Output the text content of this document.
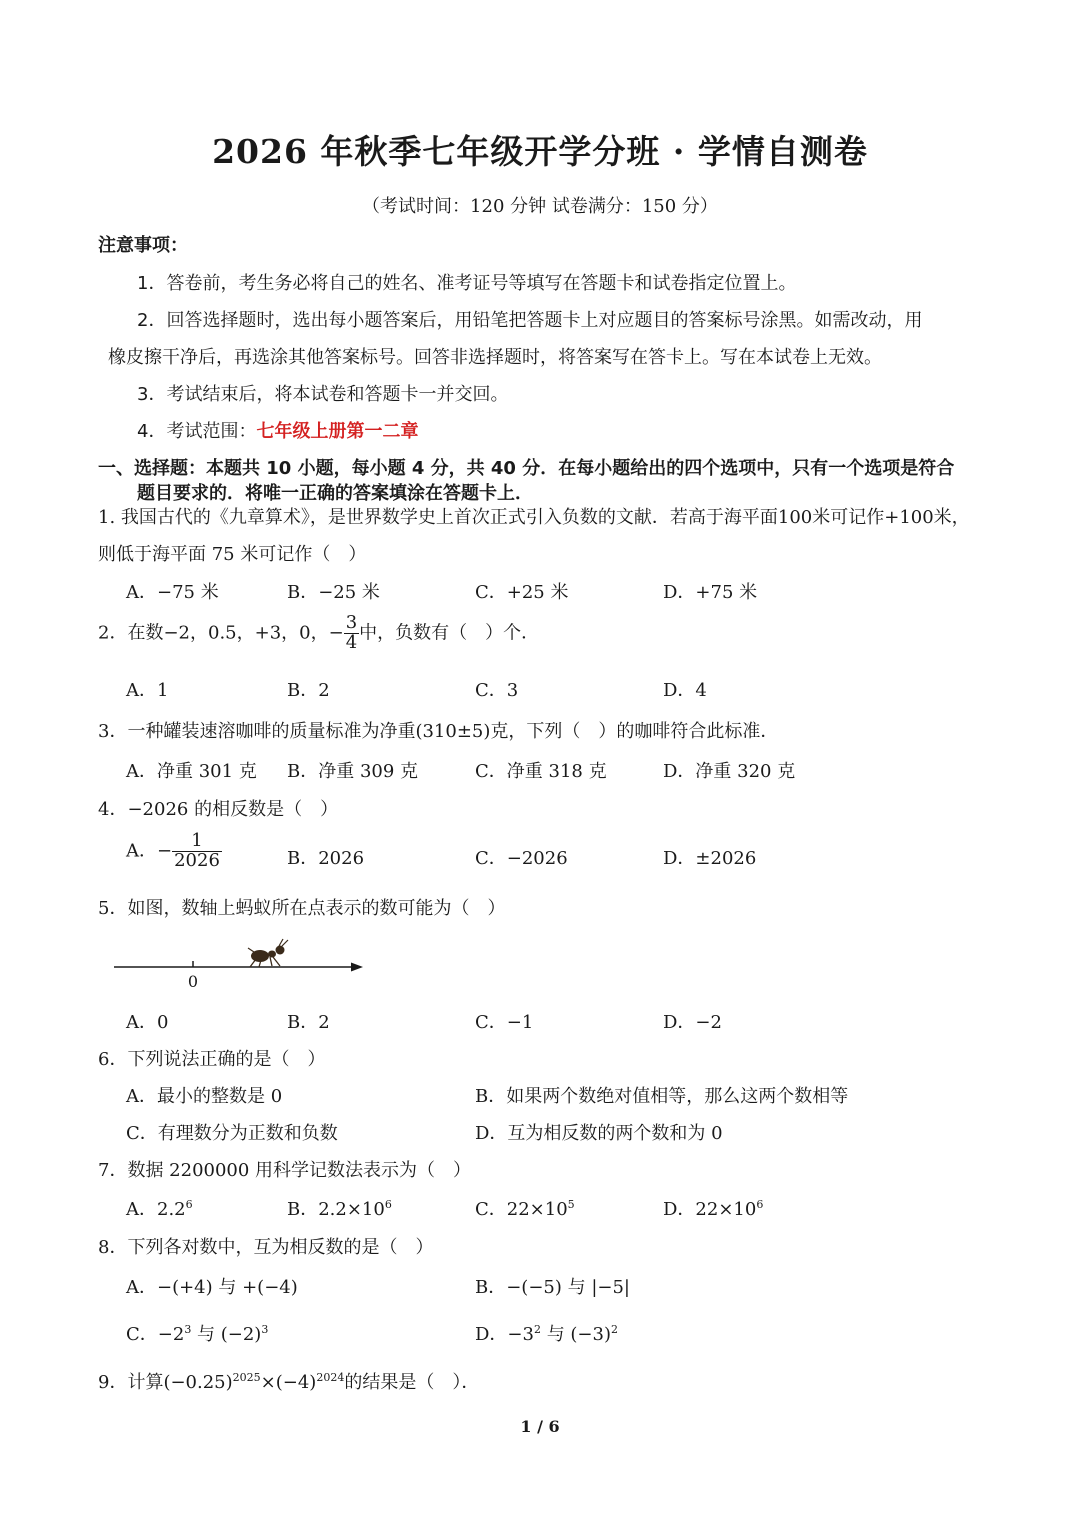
2026 年秋季七年级开学分班 · 学情自测卷
（考试时间：120 分钟 试卷满分：150 分）
注意事项：
1．答卷前，考生务必将自己的姓名、准考证号等填写在答题卡和试卷指定位置上。
2．回答选择题时，选出每小题答案后，用铅笔把答题卡上对应题目的答案标号涂黑。如需改动，用
橡皮擦干净后，再选涂其他答案标号。回答非选择题时，将答案写在答卡上。写在本试卷上无效。
3．考试结束后，将本试卷和答题卡一并交回。
4．考试范围：七年级上册第一二章
一、选择题：本题共 10 小题，每小题 4 分，共 40 分．在每小题给出的四个选项中，只有一个选项是符合
题目要求的．将唯一正确的答案填涂在答题卡上．
1. 我国古代的《九章算术》，是世界数学史上首次正式引入负数的文献．若高于海平面100米可记作+100米，
则低于海平面 75 米可记作（　）
A．−75 米	B．−25 米	C．+25 米	D．+75 米
2．在数−2，0.5，+3，0，− $\frac{3}{4}$ 中，负数有（　）个．
A．1	B．2	C．3	D．4
3．一种罐装速溶咖啡的质量标准为净重(310±5)克，下列（　）的咖啡符合此标准．
A．净重 301 克 B．净重 309 克	C．净重 318 克	D．净重 320 克
4．−2026 的相反数是（　）
A．− $\frac{1}{2026}$	B．2026	C．−2026	D．±2026
5．如图，数轴上蚂蚁所在点表示的数可能为（　）
0
A．0	B．2	C．−1	D．−2
6．下列说法正确的是（　）
A．最小的整数是 0	B．如果两个数绝对值相等，那么这两个数相等
C．有理数分为正数和负数	D．互为相反数的两个数和为 0
7．数据 2200000 用科学记数法表示为（　）
A．$2.2^6$	B．$2.2\times 10^6$	C．$22\times 10^5$	D．$22\times 10^6$
8．下列各对数中，互为相反数的是（　）
A．−(+4) 与 +(−4)	B．−(−5) 与 |−5|
C．$-2^3$ 与 $(-2)^3$	D．$-3^2$ 与 $(-3)^2$
9．计算$(-0.25)^{2025}\times(-4)^{2024}$的结果是（　）．
1 / 6
